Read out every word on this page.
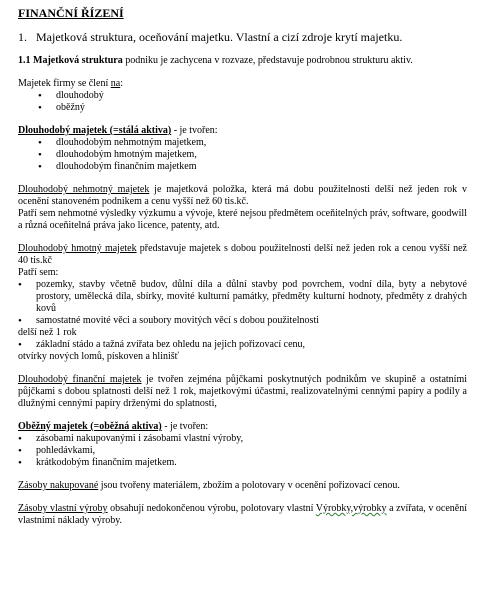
FINANČNÍ ŘÍZENÍ
1. Majetková struktura, oceňování majetku. Vlastní a cizí zdroje krytí majetku.

1.1 Majetková struktura podniku je zachycena v rozvaze, představuje podrobnou strukturu aktiv.

Majetek firmy se člení na:

• dlouhodobý
• oběžný

Dlouhodobý majetek (=stálá aktiva) - je tvořen:

• dlouhodobým nehmotným majetkem,
• dlouhodobým hmotným majetkem,
• dlouhodobým finančním majetkem

Dlouhodobý nehmotný majetek je majetková položka, která má dobu použitelnosti delší než jeden rok v ocenění stanoveném podnikem a cenu vyšší než 60 tis.kč.

Patří sem nehmotné výsledky výzkumu a vývoje, které nejsou předmětem oceňitelných práv, software, goodwill a různá oceňitelná práva jako licence, patenty, atd.

Dlouhodobý hmotný majetek představuje majetek s dobou použitelnosti delší než jeden rok a cenou vyšší než 40 tis.kč

Patří sem:

• pozemky, stavby včetně budov, důlní díla a důlní stavby pod povrchem, vodní díla, byty a nebytové prostory, umělecká díla, sbírky, movité kulturní památky, předměty kulturní hodnoty, předměty z drahých kovů
• samostatné movité věci a soubory movitých věcí s dobou použitelnosti

delší než 1 rok

• základní stádo a tažná zvířata bez ohledu na jejich pořizovací cenu,

otvírky nových lomů, pískoven a hlinišť

Dlouhodobý finanční majetek je tvořen zejména půjčkami poskytnutých podnikům ve skupině a ostatními půjčkami s dobou splatnosti delší než 1 rok, majetkovými účastmi, realizovatelnými cennými papíry a podíly a dlužnými cennými papíry drženými do splatnosti,

Oběžný majetek (=oběžná aktiva) - je tvořen:

• zásobami nakupovanými i zásobami vlastní výroby,
• pohledávkami,
• krátkodobým finančním majetkem.

Zásoby nakupované jsou tvořeny materiálem, zbožím a polotovary v ocenění pořizovací cenou.

Zásoby vlastní výroby obsahují nedokončenou výrobu, polotovary vlastní Výrobky,výrobky a zvířata, v ocenění vlastními náklady výroby.
